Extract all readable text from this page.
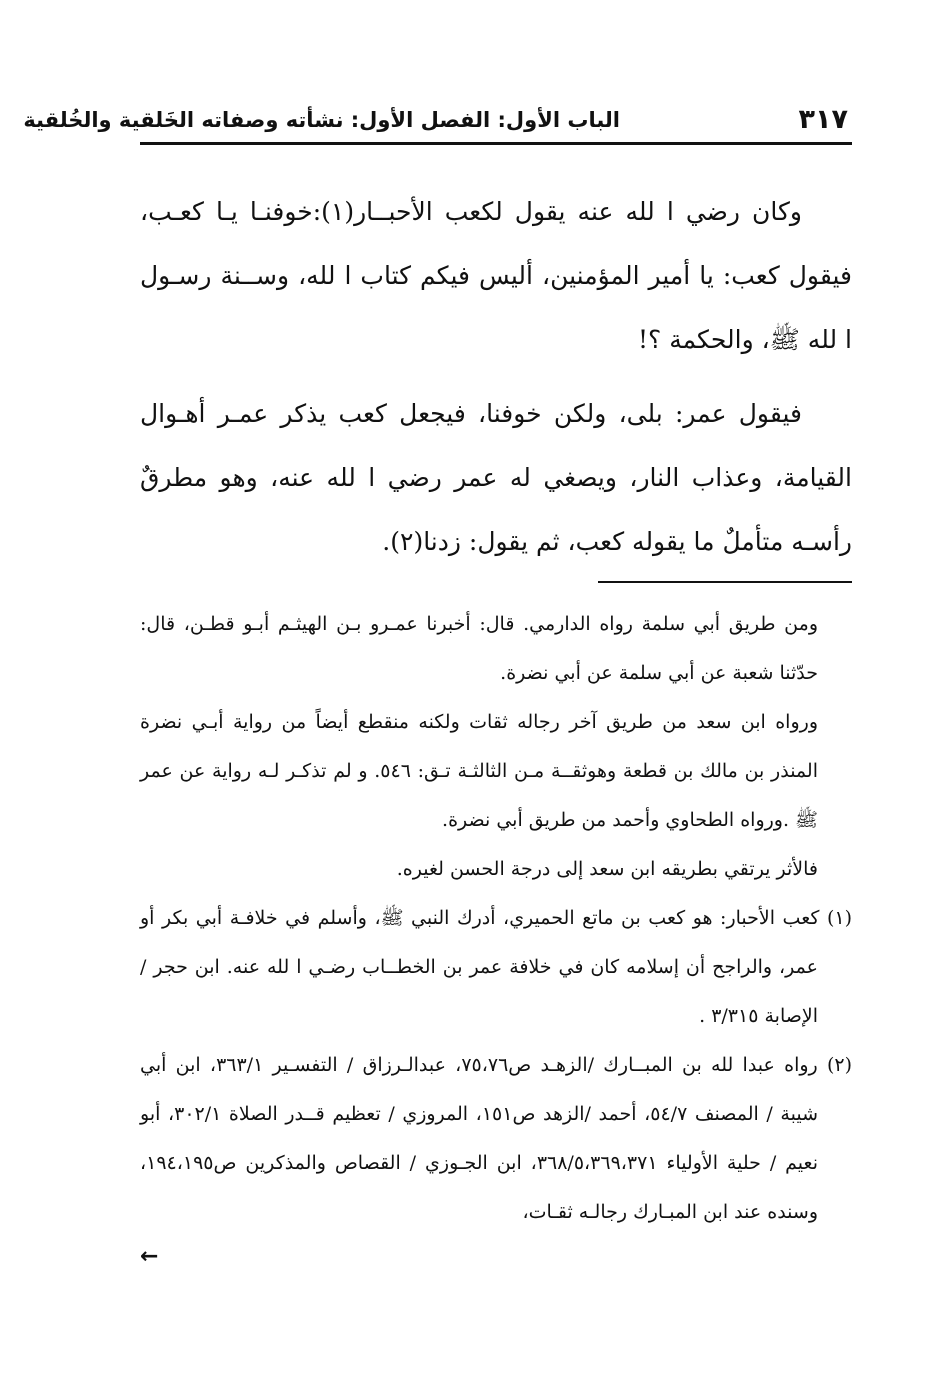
٣١٧
الباب الأول: الفصل الأول: نشأته وصفاته الخَلقية والخُلقية

وكان رضي ا لله عنه يقول لكعب الأحبــار(١):خوفنـا يـا كعـب، فيقول كعب: يا أمير المؤمنين، أليس فيكم كتاب ا لله، وســنة رسـول ا لله ﷺ، والحكمة ؟!

فيقول عمر: بلى، ولكن خوفنا، فيجعل كعب يذكر عمـر أهـوال القيامة، وعذاب النار، ويصغي له عمر رضي ا لله عنه، وهو مطرقٌ رأسـه متأملٌ ما يقوله كعب، ثم يقول: زدنا(٢).

ومن طريق أبي سلمة رواه الدارمي. قال: أخبرنا عمـرو بـن الهيثـم أبـو قطـن، قال: حدّثنا شعبة عن أبي سلمة عن أبي نضرة.

ورواه ابن سعد من طريق آخر رجاله ثقات ولكنه منقطع أيضاً من رواية أبـي نضرة المنذر بن مالك بن قطعة وهوثقــة مـن الثالثـة تـق: ٥٤٦. و لم تذكـر لـه رواية عن عمر ﷺ .ورواه الطحاوي وأحمد من طريق أبي نضرة.

فالأثر يرتقي بطريقه ابن سعد إلى درجة الحسن لغيره.

(١) كعب الأحبار: هو كعب بن ماتع الحميري، أدرك النبي ﷺ، وأسلم في خلافـة أبي بكر أو عمر، والراجح أن إسلامه كان في خلافة عمر بن الخطــاب رضـي ا لله عنه. ابن حجر / الإصابة ٣/٣١٥ .

(٢) رواه عبدا لله بن المبــارك /الزهـد ص٧٥،٧٦، عبدالـرزاق / التفسـير ٣٦٣/١، ابن أبي شيبة / المصنف ٥٤/٧، أحمد /الزهد ص١٥١، المروزي / تعظيم قــدر الصلاة ٣٠٢/١، أبو نعيم / حلية الأولياء ٣٦٨/٥،٣٦٩،٣٧١، ابن الجـوزي / القصاص والمذكرين ص١٩٤،١٩٥، وسنده عند ابن المبـارك رجالـه ثقـات،

←
